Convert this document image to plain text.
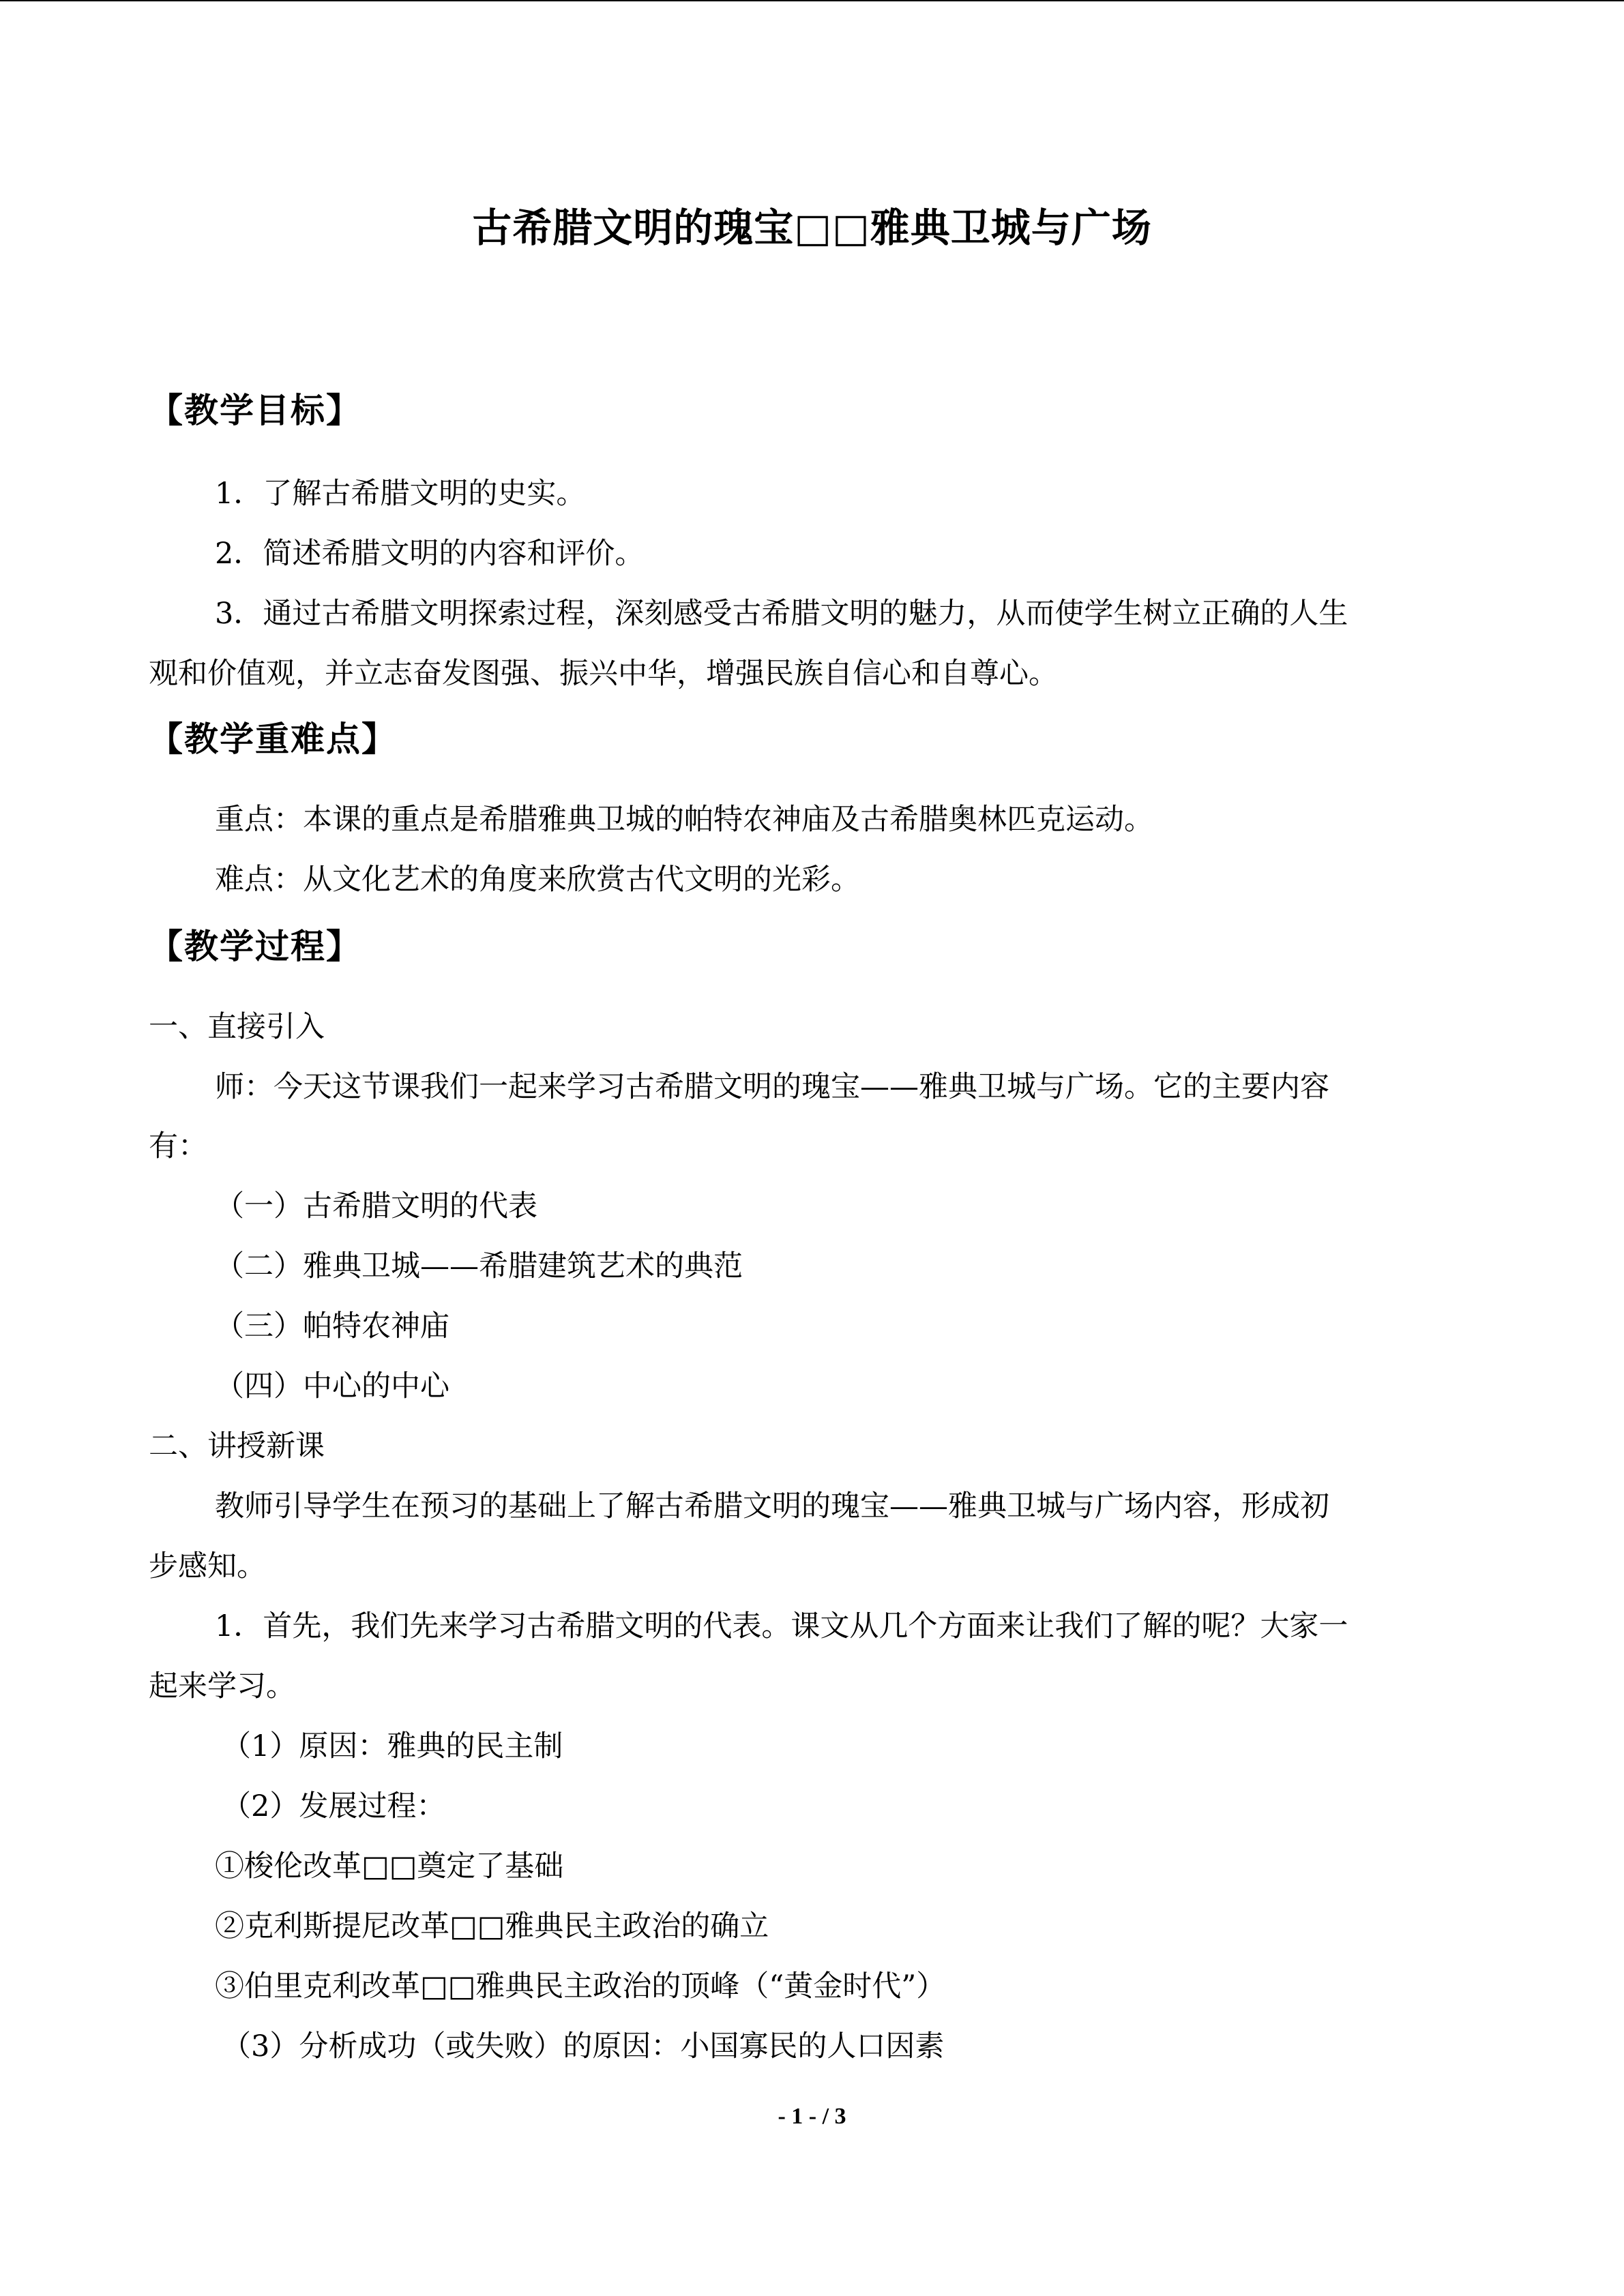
古希腊文明的瑰宝□□雅典卫城与广场
【教学目标】
1．了解古希腊文明的史实。
2．简述希腊文明的内容和评价。
3．通过古希腊文明探索过程，深刻感受古希腊文明的魅力，从而使学生树立正确的人生
观和价值观，并立志奋发图强、振兴中华，增强民族自信心和自尊心。
【教学重难点】
重点：本课的重点是希腊雅典卫城的帕特农神庙及古希腊奥林匹克运动。
难点：从文化艺术的角度来欣赏古代文明的光彩。
【教学过程】
一、直接引入
师：今天这节课我们一起来学习古希腊文明的瑰宝——雅典卫城与广场。它的主要内容
有：
（一）古希腊文明的代表
（二）雅典卫城——希腊建筑艺术的典范
（三）帕特农神庙
（四）中心的中心
二、讲授新课
教师引导学生在预习的基础上了解古希腊文明的瑰宝——雅典卫城与广场内容，形成初
步感知。
1．首先，我们先来学习古希腊文明的代表。课文从几个方面来让我们了解的呢？大家一
起来学习。
（1）原因：雅典的民主制
（2）发展过程：
①梭伦改革□□奠定了基础
②克利斯提尼改革□□雅典民主政治的确立
③伯里克利改革□□雅典民主政治的顶峰（“黄金时代”）
（3）分析成功（或失败）的原因：小国寡民的人口因素
- 1 - / 3
